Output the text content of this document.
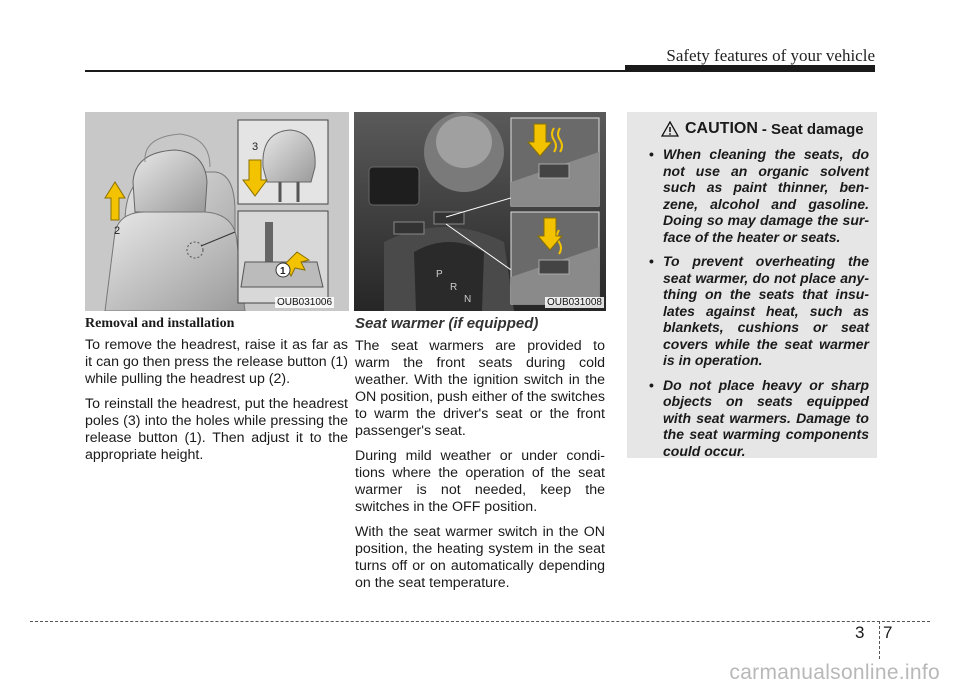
Safety features of your vehicle
2
3
1
OUB031006
P
R
N	OUB031008
Removal and installation

To remove the headrest, raise it as far as it can go then press the release button (1) while pulling the headrest up (2).

To reinstall the headrest, put the headrest poles (3) into the holes while pressing the release button (1). Then adjust it to the appropriate height.

Seat warmer (if equipped)

The seat warmers are provided to warm the front seats during cold weather. With the ignition switch in the ON position, push either of the switches to warm the driver's seat or the front passenger's seat.

During mild weather or under condi- tions where the operation of the seat warmer is not needed, keep the switches in the OFF position.

With the seat warmer switch in the ON position, the heating system in the seat turns off or on automatically depending on the seat temperature.

CAUTION - Seat damage
• When cleaning the seats, do not use an organic solvent such as paint thinner, ben- zene, alcohol and gasoline. Doing so may damage the sur- face of the heater or seats.
• To prevent overheating the seat warmer, do not place any- thing on the seats that insu- lates against heat, such as blankets, cushions or seat covers while the seat warmer is in operation.
• Do not place heavy or sharp objects on seats equipped with seat warmers. Damage to the seat warming components could occur.
3 7
carmanualsonline.info
